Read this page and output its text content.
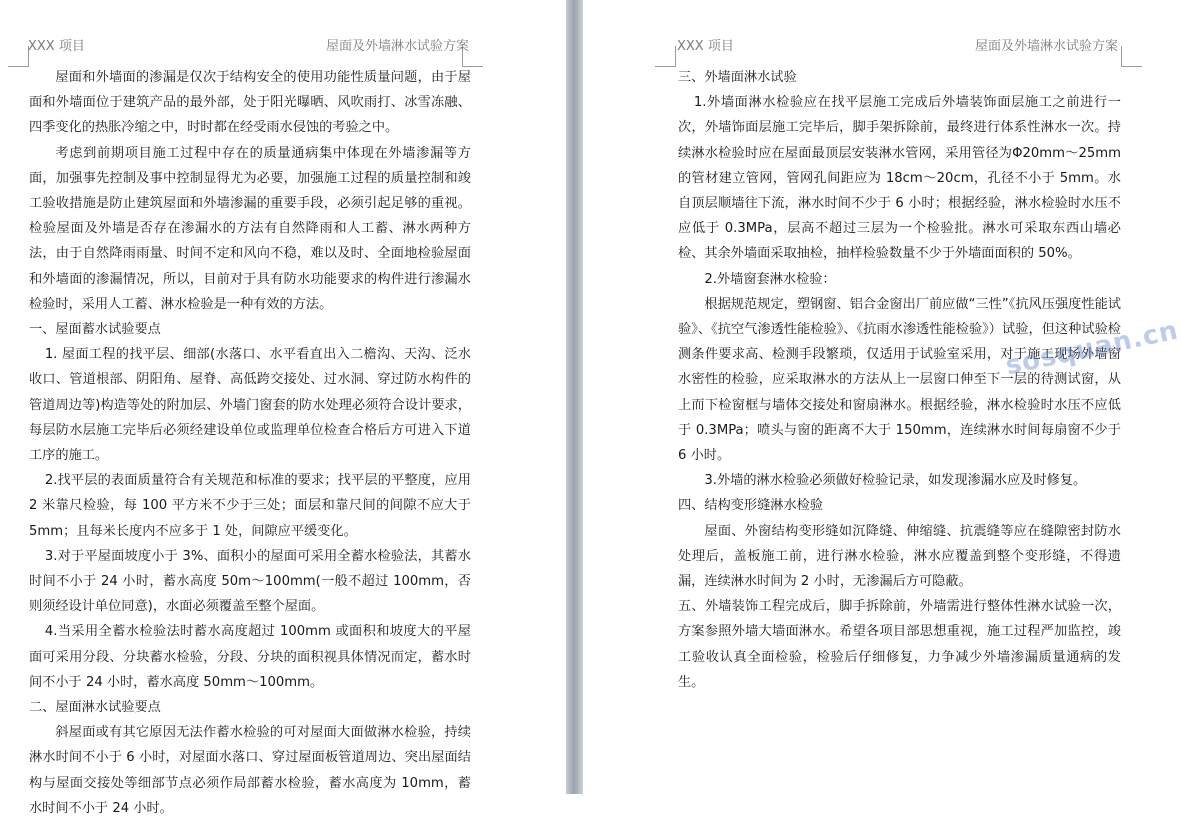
XXX 项目	屋面及外墙淋水试验方案

屋面和外墙面的渗漏是仅次于结构安全的使用功能性质量问题，由于屋面和外墙面位于建筑产品的最外部，处于阳光曝晒、风吹雨打、冰雪冻融、四季变化的热胀冷缩之中，时时都在经受雨水侵蚀的考验之中。

考虑到前期项目施工过程中存在的质量通病集中体现在外墙渗漏等方面，加强事先控制及事中控制显得尤为必要，加强施工过程的质量控制和竣工验收措施是防止建筑屋面和外墙渗漏的重要手段，必须引起足够的重视。检验屋面及外墙是否存在渗漏水的方法有自然降雨和人工蓄、淋水两种方法，由于自然降雨雨量、时间不定和风向不稳，难以及时、全面地检验屋面和外墙面的渗漏情况，所以，目前对于具有防水功能要求的构件进行渗漏水检验时，采用人工蓄、淋水检验是一种有效的方法。

一、屋面蓄水试验要点

1. 屋面工程的找平层、细部(水落口、水平看直出入二檐沟、天沟、泛水收口、管道根部、阴阳角、屋脊、高低跨交接处、过水洞、穿过防水构件的管道周边等)构造等处的附加层、外墙门窗套的防水处理必须符合设计要求，每层防水层施工完毕后必须经建设单位或监理单位检查合格后方可进入下道工序的施工。

2.找平层的表面质量符合有关规范和标准的要求；找平层的平整度，应用 2 米靠尺检验，每 100 平方米不少于三处；面层和靠尺间的间隙不应大于 5mm；且每米长度内不应多于 1 处，间隙应平缓变化。

3.对于平屋面坡度小于 3%、面积小的屋面可采用全蓄水检验法，其蓄水时间不小于 24 小时，蓄水高度 50m～100mm(一般不超过 100mm，否则须经设计单位同意)，水面必须覆盖至整个屋面。

4.当采用全蓄水检验法时蓄水高度超过 100mm 或面积和坡度大的平屋面可采用分段、分块蓄水检验，分段、分块的面积视具体情况而定，蓄水时间不小于 24 小时，蓄水高度 50mm～100mm。

二、屋面淋水试验要点

斜屋面或有其它原因无法作蓄水检验的可对屋面大面做淋水检验，持续淋水时间不小于 6 小时，对屋面水落口、穿过屋面板管道周边、突出屋面结构与屋面交接处等细部节点必须作局部蓄水检验，蓄水高度为 10mm，蓄水时间不小于 24 小时。

XXX 项目	屋面及外墙淋水试验方案

三、外墙面淋水试验

1.外墙面淋水检验应在找平层施工完成后外墙装饰面层施工之前进行一次，外墙饰面层施工完毕后，脚手架拆除前，最终进行体系性淋水一次。持续淋水检验时应在屋面最顶层安装淋水管网，采用管径为Φ20mm～25mm 的管材建立管网，管网孔间距应为 18cm～20cm，孔径不小于 5mm。水自顶层顺墙往下流，淋水时间不少于 6 小时；根据经验，淋水检验时水压不应低于 0.3MPa，层高不超过三层为一个检验批。淋水可采取东西山墙必检、其余外墙面采取抽检，抽样检验数量不少于外墙面面积的 50%。

2.外墙窗套淋水检验：

根据规范规定，塑钢窗、铝合金窗出厂前应做“三性”《抗风压强度性能试验》、《抗空气渗透性能检验》、《抗雨水渗透性能检验》）试验，但这种试验检测条件要求高、检测手段繁琐，仅适用于试验室采用，对于施工现场外墙窗水密性的检验，应采取淋水的方法从上一层窗口伸至下一层的待测试窗，从上而下检窗框与墙体交接处和窗扇淋水。根据经验，淋水检验时水压不应低于 0.3MPa；喷头与窗的距离不大于 150mm，连续淋水时间每扇窗不少于 6 小时。

3.外墙的淋水检验必须做好检验记录，如发现渗漏水应及时修复。

四、结构变形缝淋水检验

屋面、外窗结构变形缝如沉降缝、伸缩缝、抗震缝等应在缝隙密封防水处理后，盖板施工前，进行淋水检验，淋水应覆盖到整个变形缝，不得遗漏，连续淋水时间为 2 小时，无渗漏后方可隐蔽。

五、外墙装饰工程完成后，脚手拆除前，外墙需进行整体性淋水试验一次，方案参照外墙大墙面淋水。希望各项目部思想重视，施工过程严加监控，竣工验收认真全面检验，检验后仔细修复，力争减少外墙渗漏质量通病的发生。

sosquan.cn
